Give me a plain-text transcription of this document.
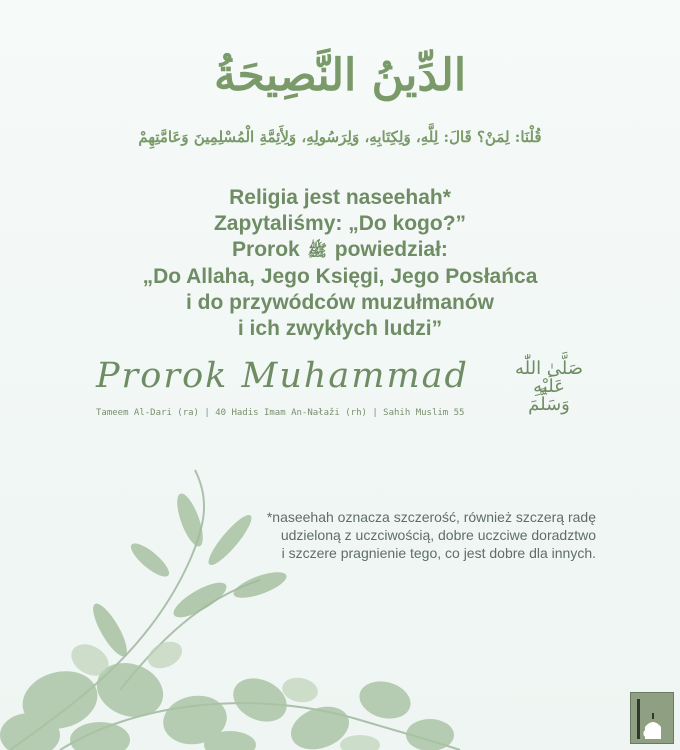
الدِّينُ النَّصِيحَةُ
قُلْنَا: لِمَنْ؟ قَالَ: لِلَّهِ، وَلِكِتَابِهِ، وَلِرَسُولِهِ، وَلِأَئِمَّةِ الْمُسْلِمِينَ وَعَامَّتِهِمْ
Religia jest naseehah*
Zapytaliśmy: „Do kogo?”
Prorok ﷺ powiedział:
„Do Allaha, Jego Księgi, Jego Posłańca
i do przywódców muzułmanów
i ich zwykłych ludzi”
Prorok Muhammad	صَلَّىٰ اللّٰه
عَلَيْهِ
وَسَلَّمَ
Tameem Al-Dari (ra) | 40 Hadis Imam An-Nałaži (rh) | Sahih Muslim 55
*naseehah oznacza szczerość, również szczerą radę
udzieloną z uczciwością, dobre uczciwe doradztwo
i szczere pragnienie tego, co jest dobre dla innych.
CKI
